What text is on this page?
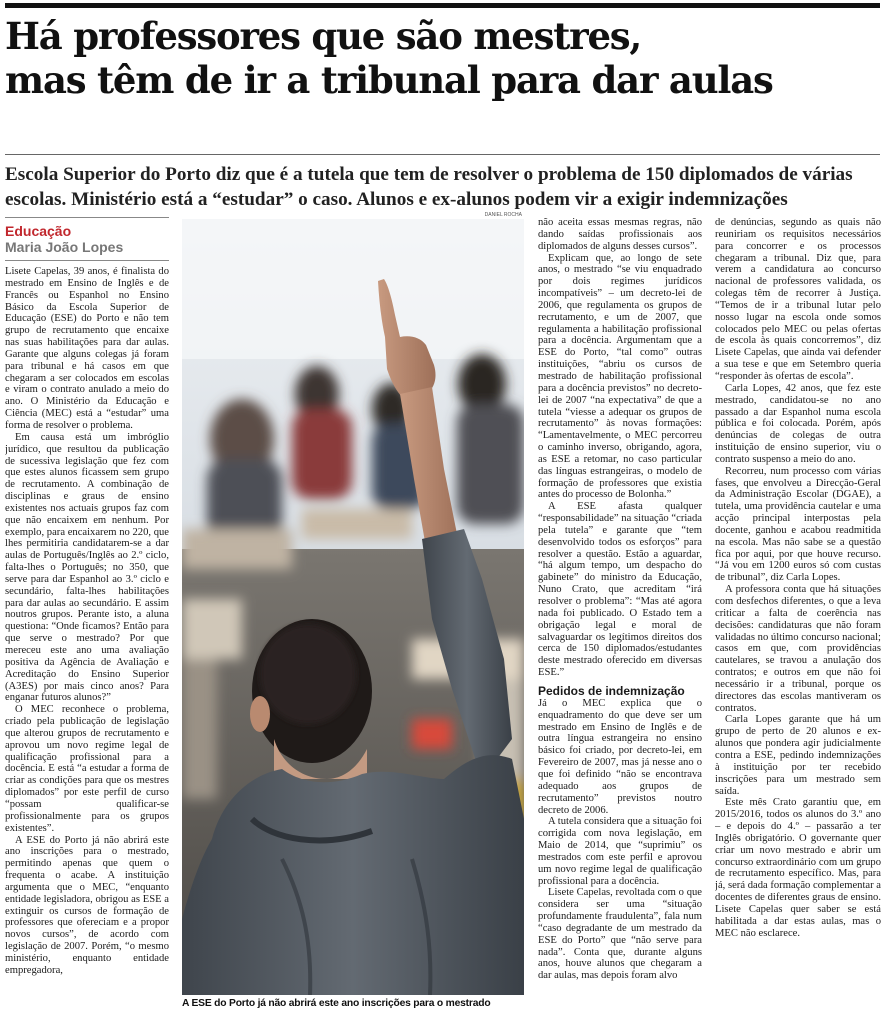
Há professores que são mestres,
mas têm de ir a tribunal para dar aulas
Escola Superior do Porto diz que é a tutela que tem de resolver o problema de 150 diplomados de várias
escolas. Ministério está a “estudar” o caso. Alunos e ex-alunos podem vir a exigir indemnizações
Educação
Maria João Lopes

Lisete Capelas, 39 anos, é finalista do mestrado em Ensino de Inglês e de Francês ou Espanhol no Ensino Básico da Escola Superior de Educação (ESE) do Porto e não tem grupo de recrutamento que encaixe nas suas habilitações para dar aulas. Garante que alguns colegas já foram para tribunal e há casos em que chegaram a ser colocados em escolas e viram o contrato anulado a meio do ano. O Ministério da Educação e Ciência (MEC) está a “estudar” uma forma de resolver o problema.

Em causa está um imbróglio jurídico, que resultou da publicação de sucessiva legislação que fez com que estes alunos ficassem sem grupo de recrutamento. A combinação de disciplinas e graus de ensino existentes nos actuais grupos faz com que não encaixem em nenhum. Por exemplo, para encaixarem no 220, que lhes permitiria candidatarem-se a dar aulas de Português/Inglês ao 2.º ciclo, falta-lhes o Português; no 350, que serve para dar Espanhol ao 3.º ciclo e secundário, falta-lhes habilitações para dar aulas ao secundário. E assim noutros grupos. Perante isto, a aluna questiona: “Onde ficamos? Então para que serve o mestrado? Por que mereceu este ano uma avaliação positiva da Agência de Avaliação e Acreditação do Ensino Superior (A3ES) por mais cinco anos? Para enganar futuros alunos?”

O MEC reconhece o problema, criado pela publicação de legislação que alterou grupos de recrutamento e aprovou um novo regime legal de qualificação profissional para a docência. E está “a estudar a forma de criar as condições para que os mestres diplomados” por este perfil de curso “possam qualificar-se profissionalmente para os grupos existentes”.

A ESE do Porto já não abrirá este ano inscrições para o mestrado, permitindo apenas que quem o frequenta o acabe. A instituição argumenta que o MEC, “enquanto entidade legisladora, obrigou as ESE a extinguir os cursos de formação de professores que ofereciam e a propor novos cursos”, de acordo com legislação de 2007. Porém, “o mesmo ministério, enquanto entidade empregadora,

DANIEL ROCHA
A ESE do Porto já não abrirá este ano inscrições para o mestrado

não aceita essas mesmas regras, não dando saídas profissionais aos diplomados de alguns desses cursos”.

Explicam que, ao longo de sete anos, o mestrado “se viu enquadrado por dois regimes jurídicos incompatíveis” – um decreto-lei de 2006, que regulamenta os grupos de recrutamento, e um de 2007, que regulamenta a habilitação profissional para a docência. Argumentam que a ESE do Porto, “tal como” outras instituições, “abriu os cursos de mestrado de habilitação profissional para a docência previstos” no decreto-lei de 2007 “na expectativa” de que a tutela “viesse a adequar os grupos de recrutamento” às novas formações: “Lamentavelmente, o MEC percorreu o caminho inverso, obrigando, agora, as ESE a retomar, no caso particular das línguas estrangeiras, o modelo de formação de professores que existia antes do processo de Bolonha.”

A ESE afasta qualquer “responsabilidade” na situação “criada pela tutela” e garante que “tem desenvolvido todos os esforços” para resolver a questão. Estão a aguardar, “há algum tempo, um despacho do gabinete” do ministro da Educação, Nuno Crato, que acreditam “irá resolver o problema”: “Mas até agora nada foi publicado. O Estado tem a obrigação legal e moral de salvaguardar os legítimos direitos dos cerca de 150 diplomados/estudantes deste mestrado oferecido em diversas ESE.”

Pedidos de indemnização

Já o MEC explica que o enquadramento do que deve ser um mestrado em Ensino de Inglês e de outra língua estrangeira no ensino básico foi criado, por decreto-lei, em Fevereiro de 2007, mas já nesse ano o que foi definido “não se encontrava adequado aos grupos de recrutamento” previstos noutro decreto de 2006.

A tutela considera que a situação foi corrigida com nova legislação, em Maio de 2014, que “suprimiu” os mestrados com este perfil e aprovou um novo regime legal de qualificação profissional para a docência.

Lisete Capelas, revoltada com o que considera ser uma “situação profundamente fraudulenta”, fala num “caso degradante de um mestrado da ESE do Porto” que “não serve para nada”. Conta que, durante alguns anos, houve alunos que chegaram a dar aulas, mas depois foram alvo

de denúncias, segundo as quais não reuniriam os requisitos necessários para concorrer e os processos chegaram a tribunal. Diz que, para verem a candidatura ao concurso nacional de professores validada, os colegas têm de recorrer à Justiça. “Temos de ir a tribunal lutar pelo nosso lugar na escola onde somos colocados pelo MEC ou pelas ofertas de escola às quais concorremos”, diz Lisete Capelas, que ainda vai defender a sua tese e que em Setembro queria “responder às ofertas de escola”.

Carla Lopes, 42 anos, que fez este mestrado, candidatou-se no ano passado a dar Espanhol numa escola pública e foi colocada. Porém, após denúncias de colegas de outra instituição de ensino superior, viu o contrato suspenso a meio do ano.

Recorreu, num processo com várias fases, que envolveu a Direcção-Geral da Administração Escolar (DGAE), a tutela, uma providência cautelar e uma acção principal interpostas pela docente, ganhou e acabou readmitida na escola. Mas não sabe se a questão fica por aqui, por que houve recurso. “Já vou em 1200 euros só com custas de tribunal”, diz Carla Lopes.

A professora conta que há situações com desfechos diferentes, o que a leva criticar a falta de coerência nas decisões: candidaturas que não foram validadas no último concurso nacional; casos em que, com providências cautelares, se travou a anulação dos contratos; e outros em que não foi necessário ir a tribunal, porque os directores das escolas mantiveram os contratos.

Carla Lopes garante que há um grupo de perto de 20 alunos e ex-alunos que pondera agir judicialmente contra a ESE, pedindo indemnizações à instituição por ter recebido inscrições para um mestrado sem saída.

Este mês Crato garantiu que, em 2015/2016, todos os alunos do 3.º ano – e depois do 4.º – passarão a ter Inglês obrigatório. O governante quer criar um novo mestrado e abrir um concurso extraordinário com um grupo de recrutamento específico. Mas, para já, será dada formação complementar a docentes de diferentes graus de ensino. Lisete Capelas quer saber se está habilitada a dar estas aulas, mas o MEC não esclarece.
